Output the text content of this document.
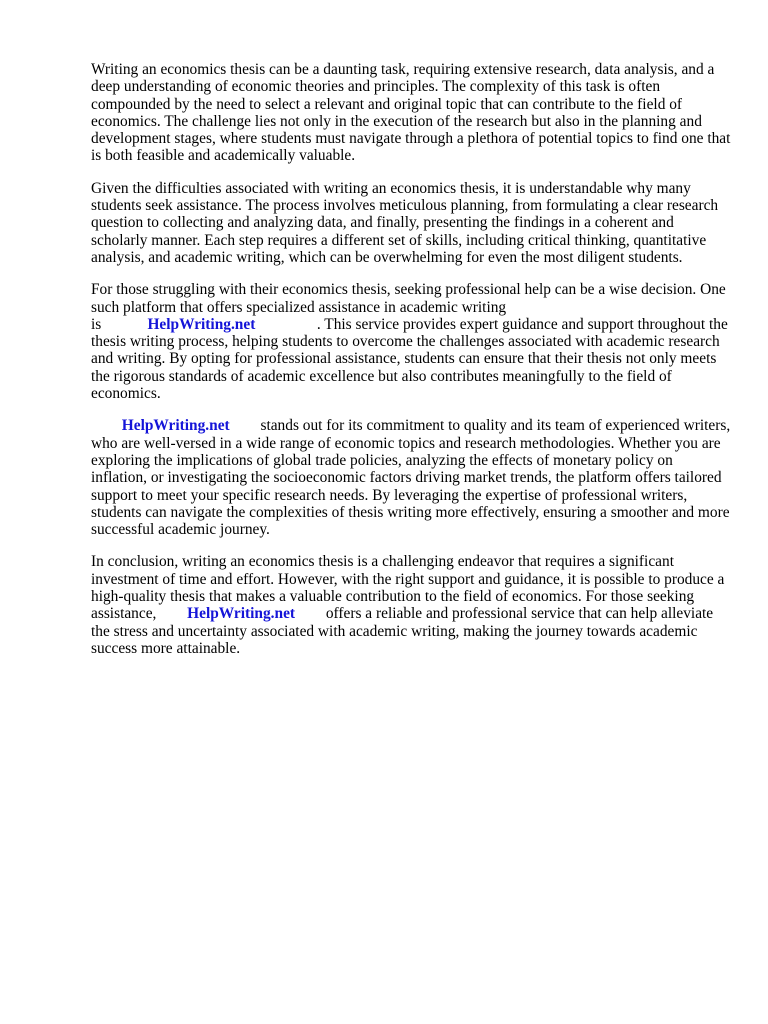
Writing an economics thesis can be a daunting task, requiring extensive research, data analysis, and a deep understanding of economic theories and principles. The complexity of this task is often compounded by the need to select a relevant and original topic that can contribute to the field of economics. The challenge lies not only in the execution of the research but also in the planning and development stages, where students must navigate through a plethora of potential topics to find one that is both feasible and academically valuable.

Given the difficulties associated with writing an economics thesis, it is understandable why many students seek assistance. The process involves meticulous planning, from formulating a clear research question to collecting and analyzing data, and finally, presenting the findings in a coherent and scholarly manner. Each step requires a different set of skills, including critical thinking, quantitative analysis, and academic writing, which can be overwhelming for even the most diligent students.

For those struggling with their economics thesis, seeking professional help can be a wise decision. One such platform that offers specialized assistance in academic writing is	HelpWriting.net	. This service provides expert guidance and support throughout the thesis writing process, helping students to overcome the challenges associated with academic research and writing. By opting for professional assistance, students can ensure that their thesis not only meets the rigorous standards of academic excellence but also contributes meaningfully to the field of economics.

HelpWriting.net stands out for its commitment to quality and its team of experienced writers, who are well-versed in a wide range of economic topics and research methodologies. Whether you are exploring the implications of global trade policies, analyzing the effects of monetary policy on inflation, or investigating the socioeconomic factors driving market trends, the platform offers tailored support to meet your specific research needs. By leveraging the expertise of professional writers, students can navigate the complexities of thesis writing more effectively, ensuring a smoother and more successful academic journey.

In conclusion, writing an economics thesis is a challenging endeavor that requires a significant investment of time and effort. However, with the right support and guidance, it is possible to produce a high-quality thesis that makes a valuable contribution to the field of economics. For those seeking assistance, HelpWriting.net offers a reliable and professional service that can help alleviate the stress and uncertainty associated with academic writing, making the journey towards academic success more attainable.
